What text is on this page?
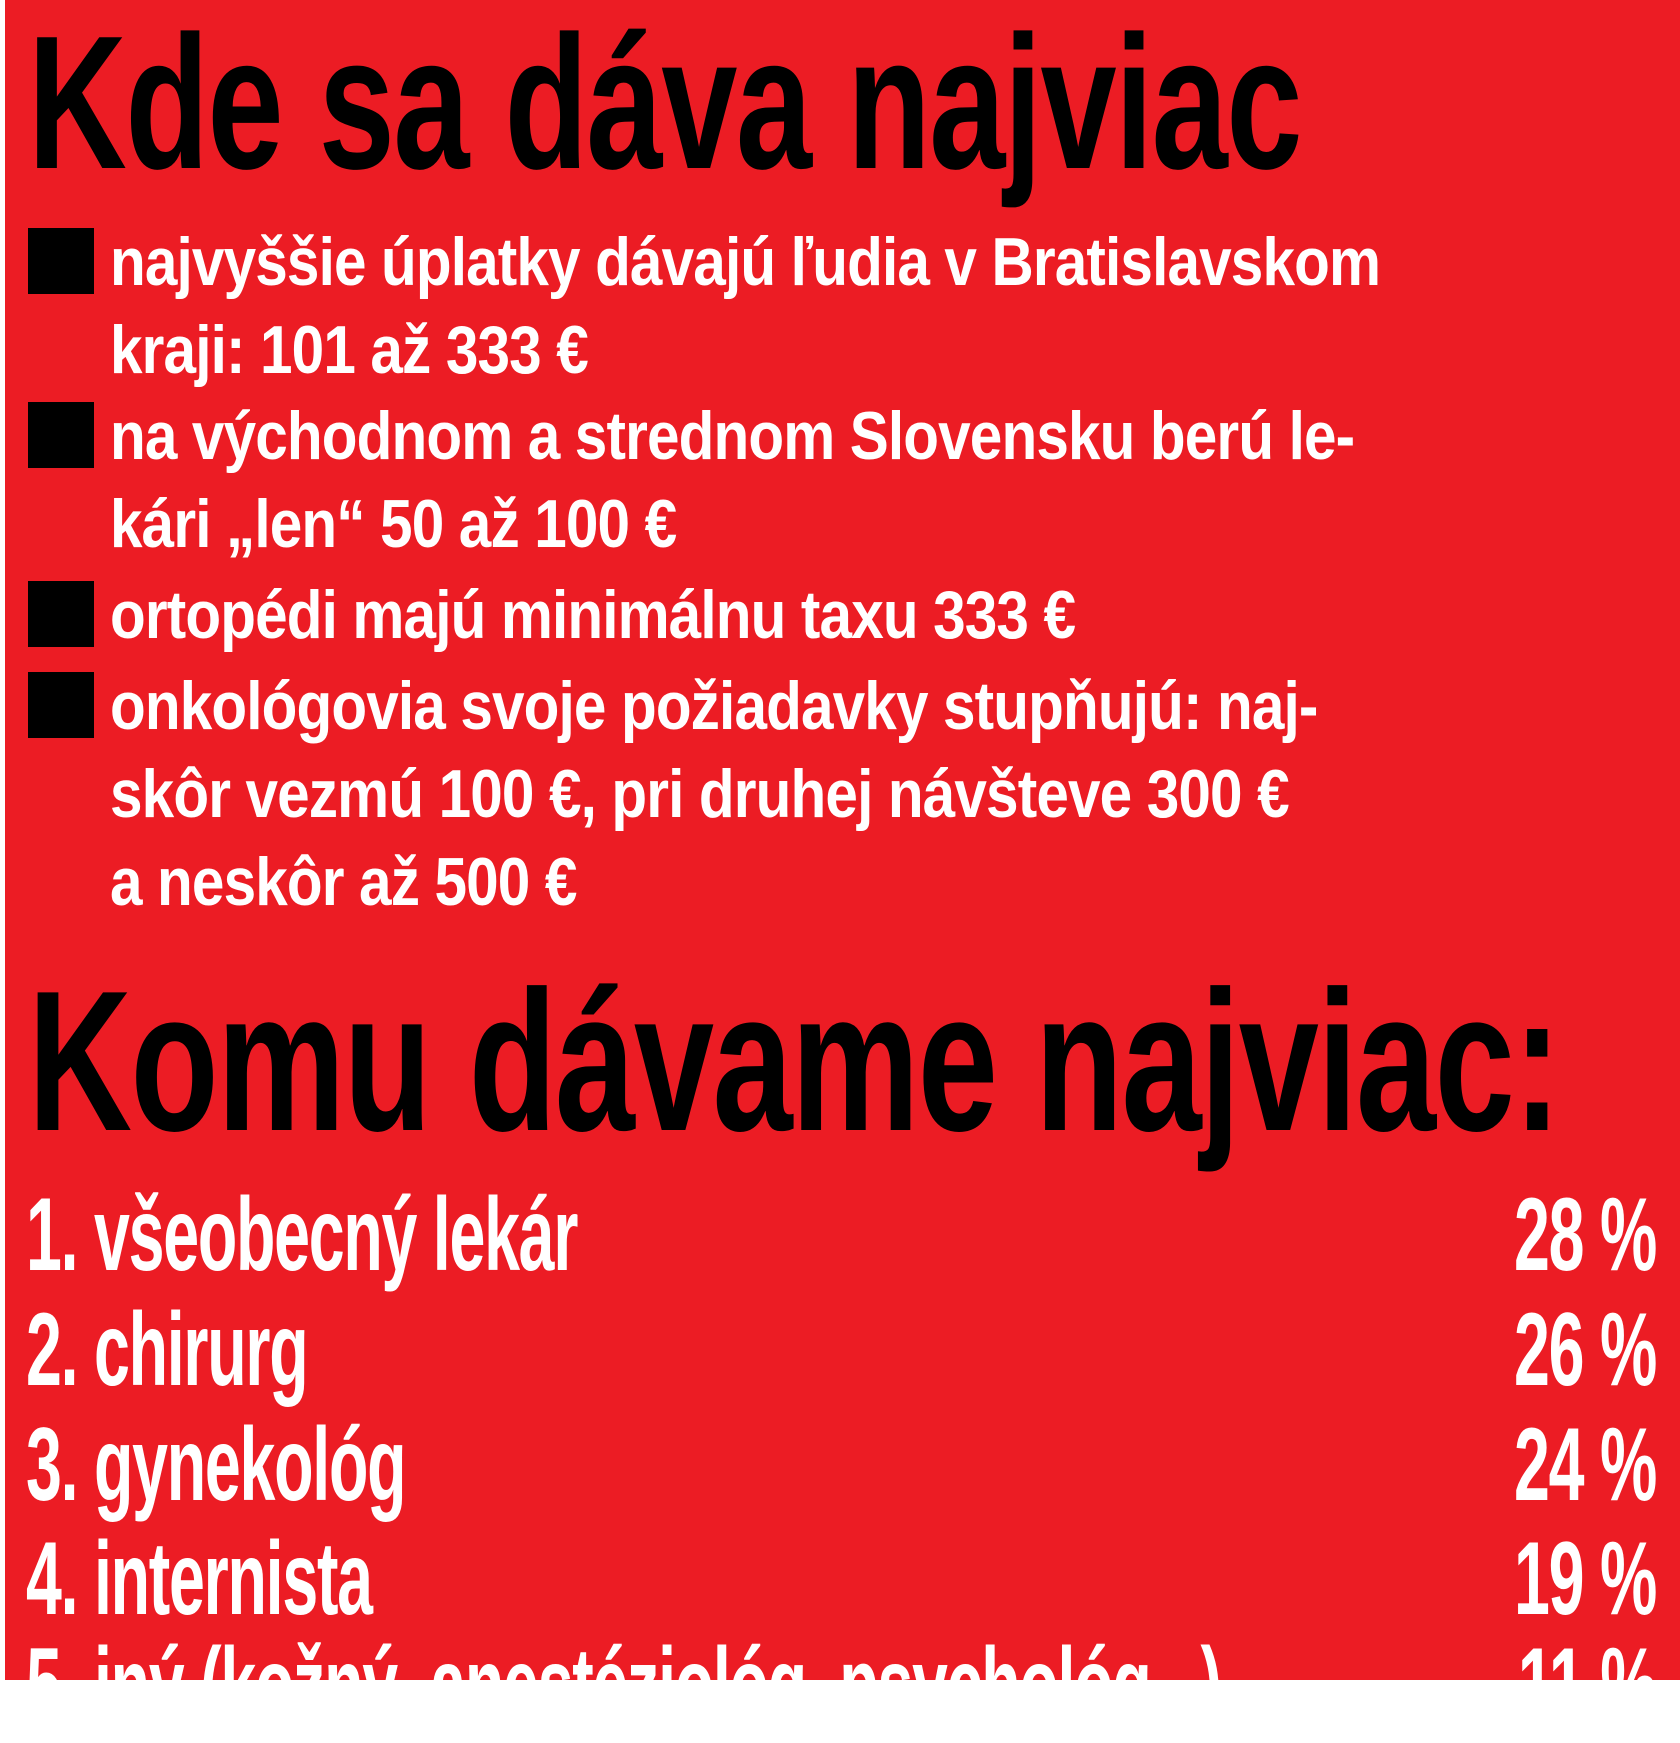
Kde sa dáva najviac

najvyššie úplatky dávajú ľudia v Bratislavskom

kraji: 101 až 333 €

na východnom a strednom Slovensku berú le-

kári „len“ 50 až 100 €

ortopédi majú minimálnu taxu 333 €

onkológovia svoje požiadavky stupňujú: naj-

skôr vezmú 100 €, pri druhej návšteve 300 €

a neskôr až 500 €

Komu dávame najviac:

1. všeobecný lekár	28 %

2. chirurg	26 %

3. gynekológ	24 %

4. internista	19 %

5. iný (kožný, anestéziológ, psychológ...)	11 %
